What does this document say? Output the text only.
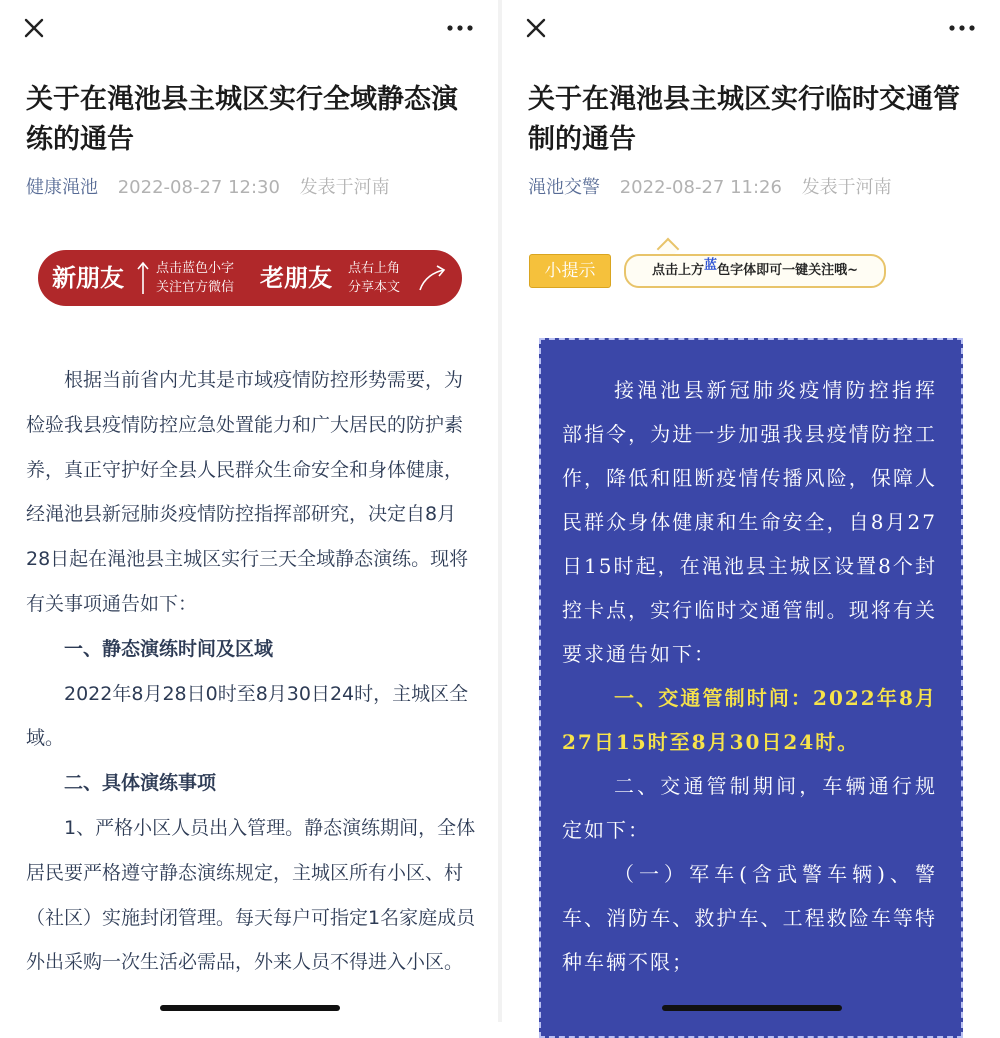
关于在渑池县主城区实行全域静态演练的通告
健康渑池 2022-08-27 12:30 发表于河南
新朋友 点击蓝色小字
关注官方微信 老朋友 点右上角
分享本文

根据当前省内尤其是市域疫情防控形势需要，为检验我县疫情防控应急处置能力和广大居民的防护素养，真正守护好全县人民群众生命安全和身体健康，经渑池县新冠肺炎疫情防控指挥部研究，决定自8月28日起在渑池县主城区实行三天全域静态演练。现将有关事项通告如下：

一、静态演练时间及区域

2022年8月28日0时至8月30日24时，主城区全域。

二、具体演练事项

1、严格小区人员出入管理。静态演练期间，全体居民要严格遵守静态演练规定，主城区所有小区、村（社区）实施封闭管理。每天每户可指定1名家庭成员外出采购一次生活必需品，外来人员不得进入小区。

关于在渑池县主城区实行临时交通管制的通告
渑池交警 2022-08-27 11:26 发表于河南
小提示	点击上方蓝色字体即可一键关注哦~

接渑池县新冠肺炎疫情防控指挥部指令，为进一步加强我县疫情防控工作，降低和阻断疫情传播风险，保障人民群众身体健康和生命安全，自8月27日15时起，在渑池县主城区设置8个封控卡点，实行临时交通管制。现将有关要求通告如下：

一、交通管制时间：2022年8月27日15时至8月30日24时。

二、交通管制期间，车辆通行规定如下：

（一）军车(含武警车辆)、警车、消防车、救护车、工程救险车等特种车辆不限；
